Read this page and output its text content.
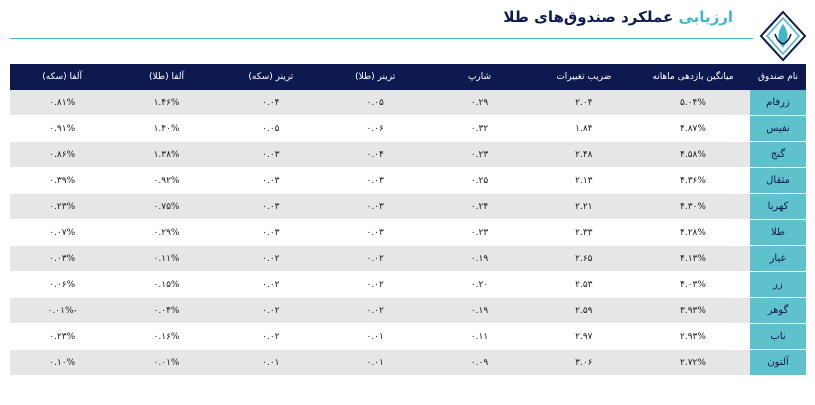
ارزیابی عملکرد صندوق‌های طلا
نام صندوق	میانگین بازدهی ماهانه	ضریب تغییرات	شارپ	ترینر (طلا)	ترینر (سکه)	آلفا (طلا)	آلفا (سکه)
زرفام	۵.۰۴%	۲.۰۴	۰.۲۹	۰.۰۵	۰.۰۴	۱.۴۶%	۰.۸۱%
نفیس	۴.۸۷%	۱.۸۴	۰.۳۲	۰.۰۶	۰.۰۵	۱.۴۰%	۰.۹۱%
گنج	۴.۵۸%	۲.۴۸	۰.۲۳	۰.۰۴	۰.۰۳	۱.۳۸%	۰.۸۶%
مثقال	۴.۳۶%	۲.۱۳	۰.۲۵	۰.۰۳	۰.۰۳	۰.۹۲%	۰.۳۹%
کهربا	۴.۳۰%	۲.۲۱	۰.۲۴	۰.۰۳	۰.۰۳	۰.۷۵%	۰.۲۳%
طلا	۴.۲۸%	۲.۳۳	۰.۲۳	۰.۰۳	۰.۰۳	۰.۲۹%	۰.۰۷%
عیار	۴.۱۳%	۲.۶۵	۰.۱۹	۰.۰۲	۰.۰۲	۰.۱۱%	۰.۰۳%
زر	۴.۰۳%	۲.۵۳	۰.۲۰	۰.۰۲	۰.۰۲	۰.۱۵%	۰.۰۶%
گوهر	۳.۹۳%	۲.۵۹	۰.۱۹	۰.۰۲	۰.۰۲	۰.۰۴%	-۰.۰۱%
ناب	۲.۹۳%	۲.۹۷	۰.۱۱	۰.۰۱	۰.۰۲	۰.۱۶%	۰.۲۳%
آلتون	۲.۷۲%	۳.۰۶	۰.۰۹	۰.۰۱	۰.۰۱	۰.۰۱%	۰.۱۰%
